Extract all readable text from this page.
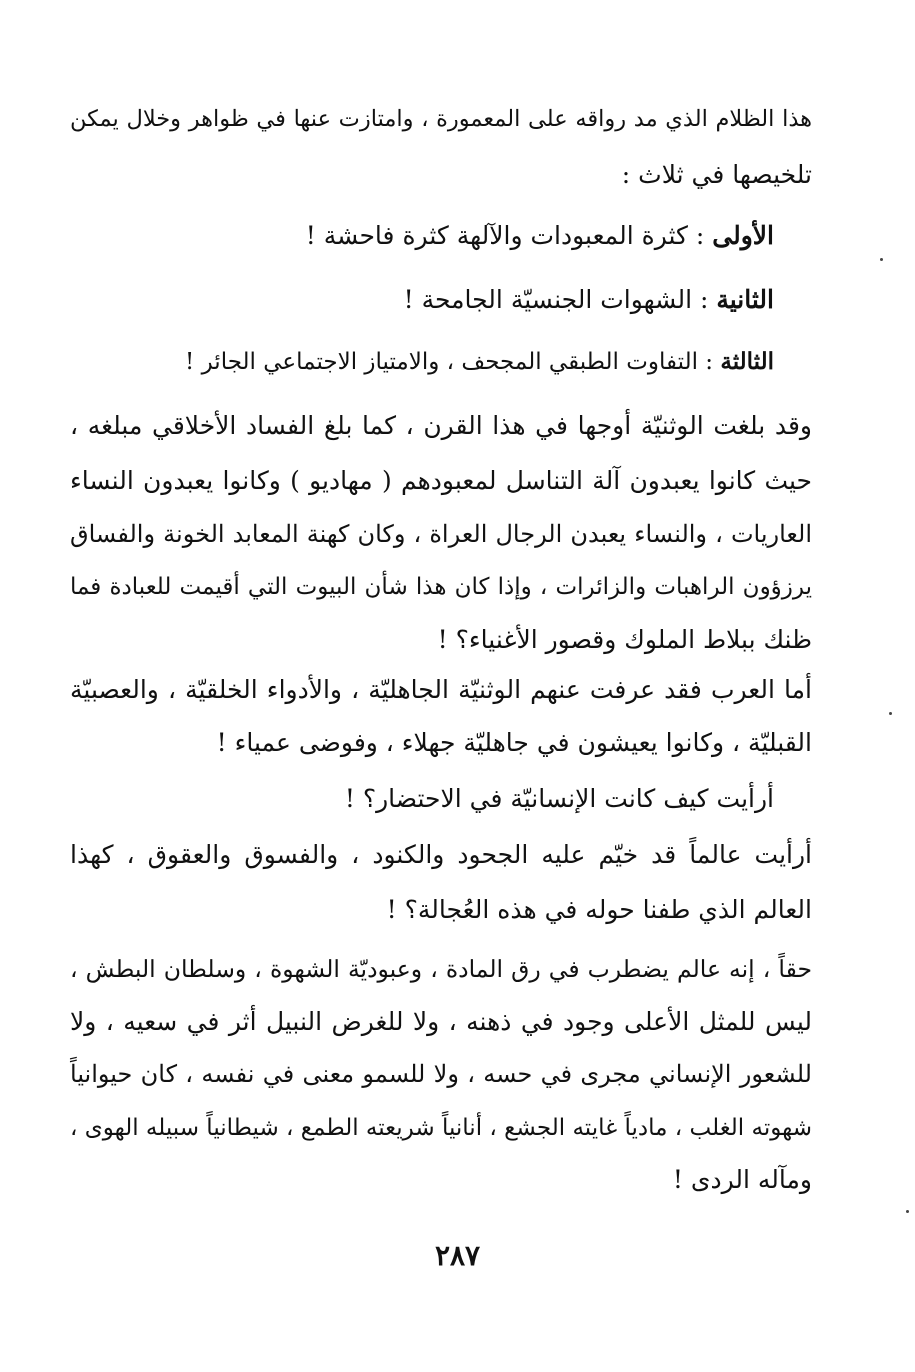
هذا الظلام الذي مد رواقه على المعمورة ، وامتازت عنها في ظواهر وخلال يمكن
تلخيصها في ثلاث :
الأولى : كثرة المعبودات والآلهة كثرة فاحشة !
الثانية : الشهوات الجنسيّة الجامحة !
الثالثة : التفاوت الطبقي المجحف ، والامتياز الاجتماعي الجائر !
وقد بلغت الوثنيّة أوجها في هذا القرن ، كما بلغ الفساد الأخلاقي مبلغه ،
حيث كانوا يعبدون آلة التناسل لمعبودهم ( مهاديو ) وكانوا يعبدون النساء
العاريات ، والنساء يعبدن الرجال العراة ، وكان كهنة المعابد الخونة والفساق
يرزؤون الراهبات والزائرات ، وإذا كان هذا شأن البيوت التي أقيمت للعبادة فما
ظنك ببلاط الملوك وقصور الأغنياء؟ !
أما العرب فقد عرفت عنهم الوثنيّة الجاهليّة ، والأدواء الخلقيّة ، والعصبيّة
القبليّة ، وكانوا يعيشون في جاهليّة جهلاء ، وفوضى عمياء !
أرأيت كيف كانت الإنسانيّة في الاحتضار؟ !
أرأيت عالماً قد خيّم عليه الجحود والكنود ، والفسوق والعقوق ، كهذا
العالم الذي طفنا حوله في هذه العُجالة؟ !
حقاً ، إنه عالم يضطرب في رق المادة ، وعبوديّة الشهوة ، وسلطان البطش ،
ليس للمثل الأعلى وجود في ذهنه ، ولا للغرض النبيل أثر في سعيه ، ولا
للشعور الإنساني مجرى في حسه ، ولا للسمو معنى في نفسه ، كان حيوانياً
شهوته الغلب ، مادياً غايته الجشع ، أنانياً شريعته الطمع ، شيطانياً سبيله الهوى ،
ومآله الردى !
٢٨٧
